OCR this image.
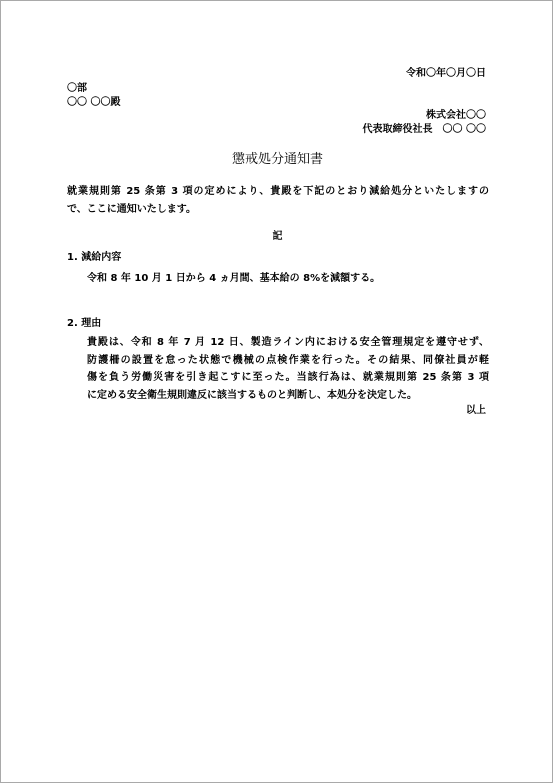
令和〇年〇月〇日
〇部
〇〇 〇〇殿
株式会社〇〇
代表取締役社長　〇〇 〇〇
懲戒処分通知書
就業規則第 25 条第 3 項の定めにより、貴殿を下記のとおり減給処分といたしますの
で、ここに通知いたします。
記
1. 減給内容
令和 8 年 10 月 1 日から 4 ヵ月間、基本給の 8%を減額する。
2. 理由
貴殿は、令和 8 年 7 月 12 日、製造ライン内における安全管理規定を遵守せず、
防護柵の設置を怠った状態で機械の点検作業を行った。その結果、同僚社員が軽
傷を負う労働災害を引き起こすに至った。当該行為は、就業規則第 25 条第 3 項
に定める安全衛生規則違反に該当するものと判断し、本処分を決定した。
以上
